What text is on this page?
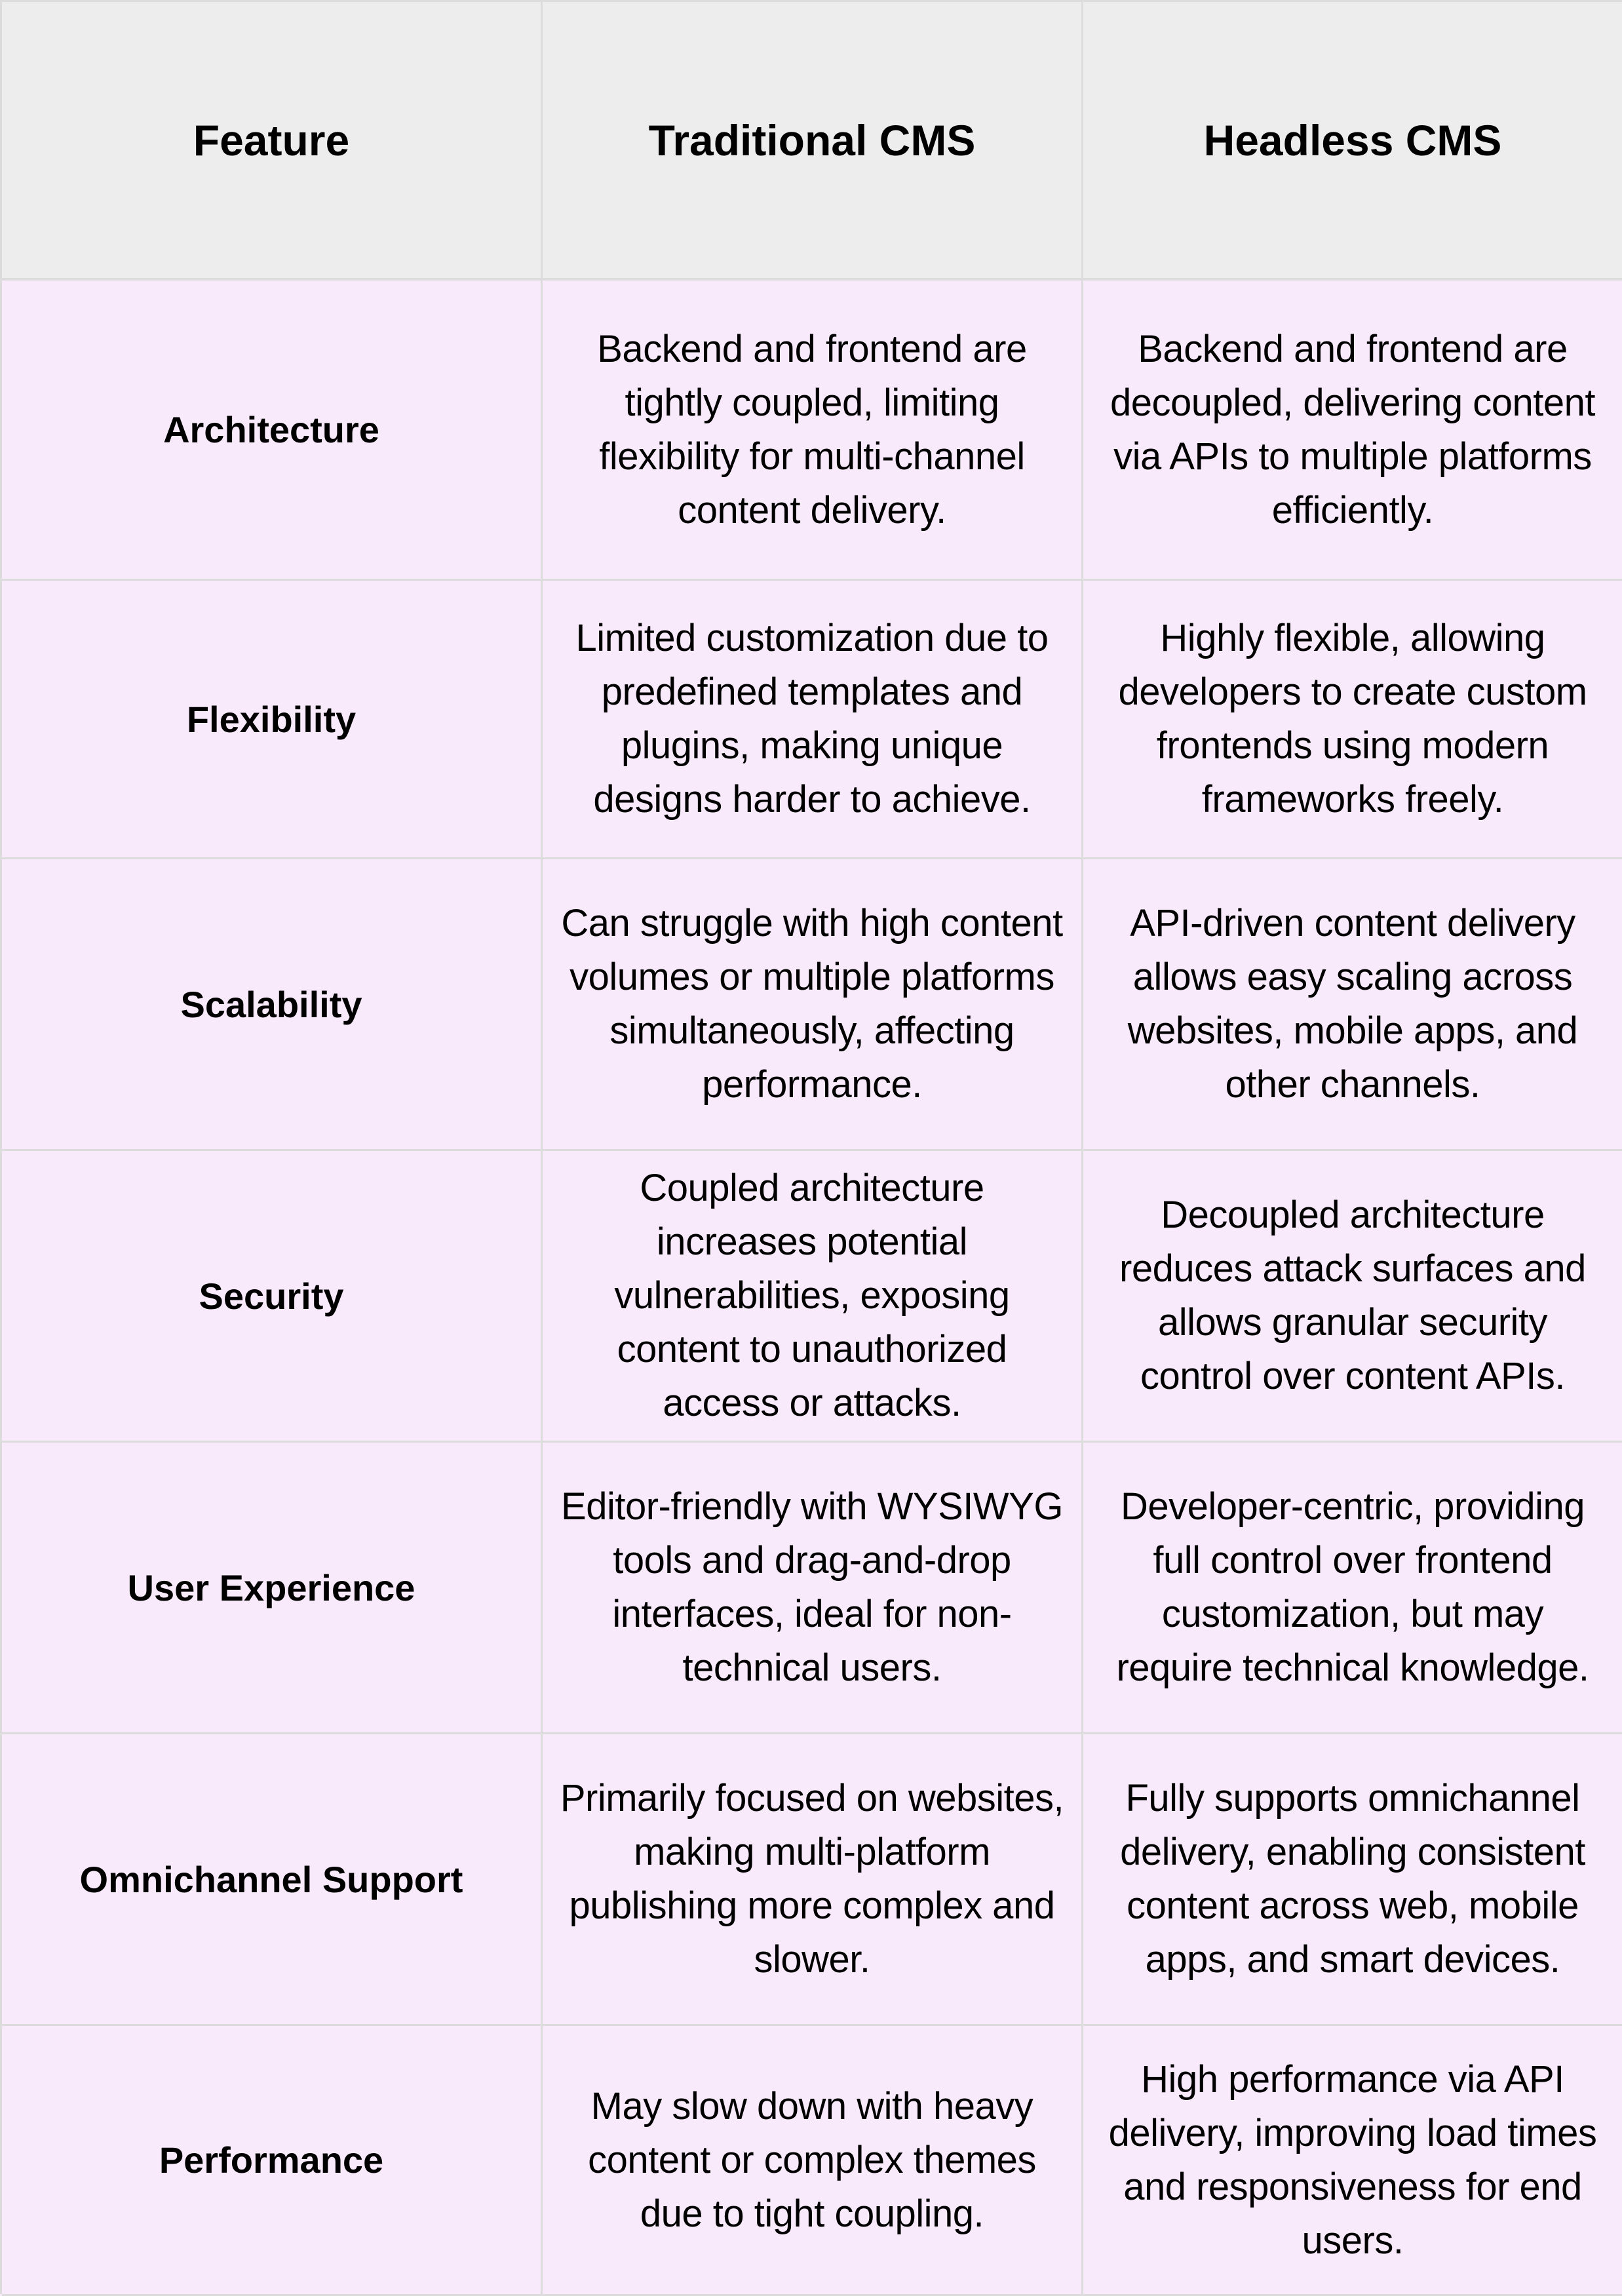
Feature	Traditional CMS	Headless CMS
Architecture
Backend and frontend are tightly coupled, limiting flexibility for multi-channel content delivery.
Backend and frontend are decoupled, delivering content via APIs to multiple platforms efficiently.
Flexibility
Limited customization due to predefined templates and plugins, making unique designs harder to achieve.
Highly flexible, allowing developers to create custom frontends using modern frameworks freely.
Scalability
Can struggle with high content volumes or multiple platforms simultaneously, affecting performance.
API-driven content delivery allows easy scaling across websites, mobile apps, and other channels.
Security
Coupled architecture increases potential vulnerabilities, exposing content to unauthorized access or attacks.
Decoupled architecture reduces attack surfaces and allows granular security control over content APIs.
User Experience
Editor-friendly with WYSIWYG tools and drag-and-drop interfaces, ideal for non-technical users.
Developer-centric, providing full control over frontend customization, but may require technical knowledge.
Omnichannel Support
Primarily focused on websites, making multi-platform publishing more complex and slower.
Fully supports omnichannel delivery, enabling consistent content across web, mobile apps, and smart devices.
Performance
May slow down with heavy content or complex themes due to tight coupling.
High performance via API delivery, improving load times and responsiveness for end users.
